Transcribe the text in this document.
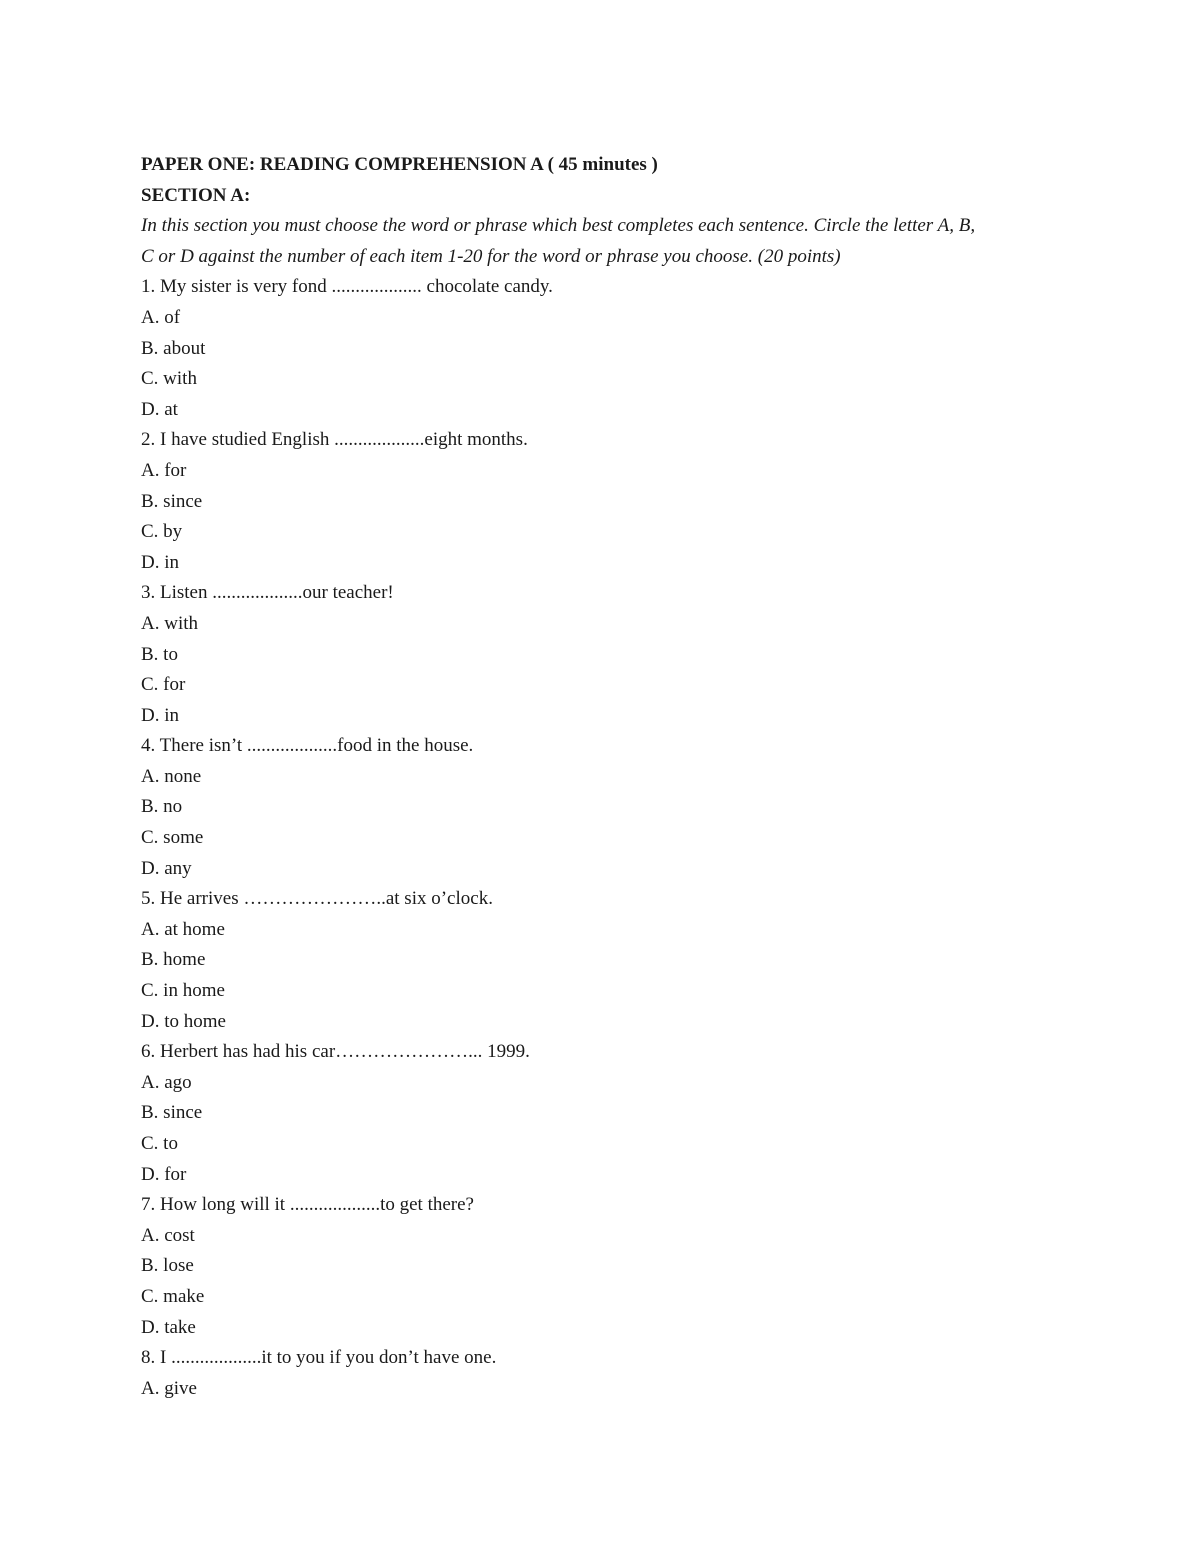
PAPER ONE: READING COMPREHENSION A ( 45 minutes )
SECTION A:
In this section you must choose the word or phrase which best completes each sentence. Circle the letter A, B,
C or D against the number of each item 1-20 for the word or phrase you choose. (20 points)
1. My sister is very fond ................... chocolate candy.
A. of
B. about
C. with
D. at
2. I have studied English ...................eight months.
A. for
B. since
C. by
D. in
3. Listen ...................our teacher!
A. with
B. to
C. for
D. in
4. There isn’t ...................food in the house.
A. none
B. no
C. some
D. any
5. He arrives …………………..at six o’clock.
A. at home
B. home
C. in home
D. to home
6. Herbert has had his car…………………... 1999.
A. ago
B. since
C. to
D. for
7. How long will it ...................to get there?
A. cost
B. lose
C. make
D. take
8. I ...................it to you if you don’t have one.
A. give
